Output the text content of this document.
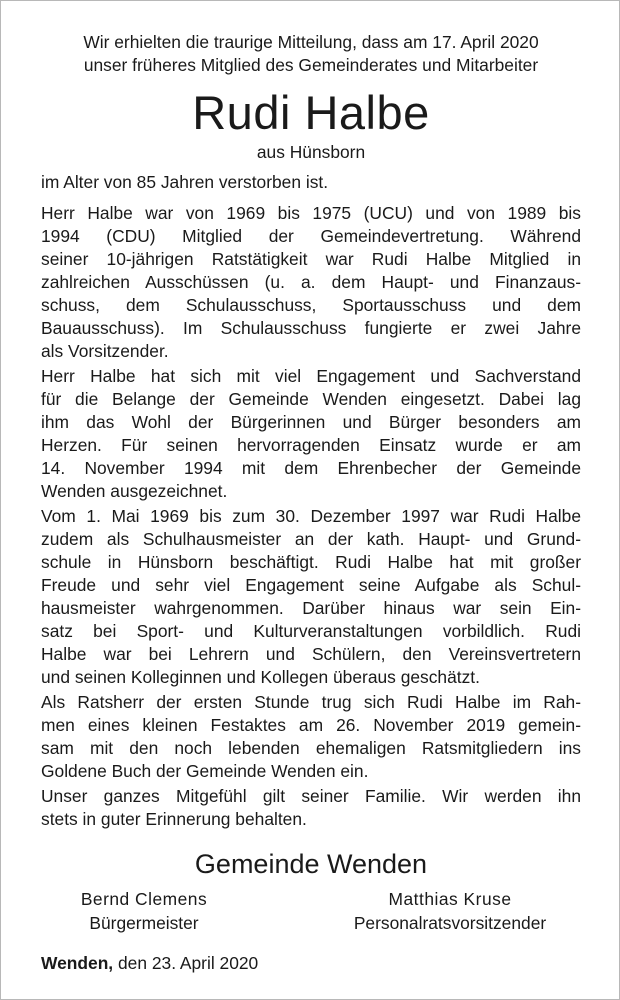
Wir erhielten die traurige Mitteilung, dass am 17. April 2020
unser früheres Mitglied des Gemeinderates und Mitarbeiter
Rudi Halbe
aus Hünsborn
im Alter von 85 Jahren verstorben ist.

Herr Halbe war von 1969 bis 1975 (UCU) und von 1989 bis
1994 (CDU) Mitglied der Gemeindevertretung. Während
seiner 10-jährigen Ratstätigkeit war Rudi Halbe Mitglied in
zahlreichen Ausschüssen (u. a. dem Haupt- und Finanzaus-
schuss, dem Schulausschuss, Sportausschuss und dem
Bauausschuss). Im Schulausschuss fungierte er zwei Jahre
als Vorsitzender.

Herr Halbe hat sich mit viel Engagement und Sachverstand
für die Belange der Gemeinde Wenden eingesetzt. Dabei lag
ihm das Wohl der Bürgerinnen und Bürger besonders am
Herzen. Für seinen hervorragenden Einsatz wurde er am
14. November 1994 mit dem Ehrenbecher der Gemeinde
Wenden ausgezeichnet.

Vom 1. Mai 1969 bis zum 30. Dezember 1997 war Rudi Halbe
zudem als Schulhausmeister an der kath. Haupt- und Grund-
schule in Hünsborn beschäftigt. Rudi Halbe hat mit großer
Freude und sehr viel Engagement seine Aufgabe als Schul-
hausmeister wahrgenommen. Darüber hinaus war sein Ein-
satz bei Sport- und Kulturveranstaltungen vorbildlich. Rudi
Halbe war bei Lehrern und Schülern, den Vereinsvertretern
und seinen Kolleginnen und Kollegen überaus geschätzt.

Als Ratsherr der ersten Stunde trug sich Rudi Halbe im Rah-
men eines kleinen Festaktes am 26. November 2019 gemein-
sam mit den noch lebenden ehemaligen Ratsmitgliedern ins
Goldene Buch der Gemeinde Wenden ein.

Unser ganzes Mitgefühl gilt seiner Familie. Wir werden ihn
stets in guter Erinnerung behalten.

Gemeinde Wenden
Bernd Clemens
Bürgermeister
Matthias Kruse
Personalratsvorsitzender
Wenden, den 23. April 2020
